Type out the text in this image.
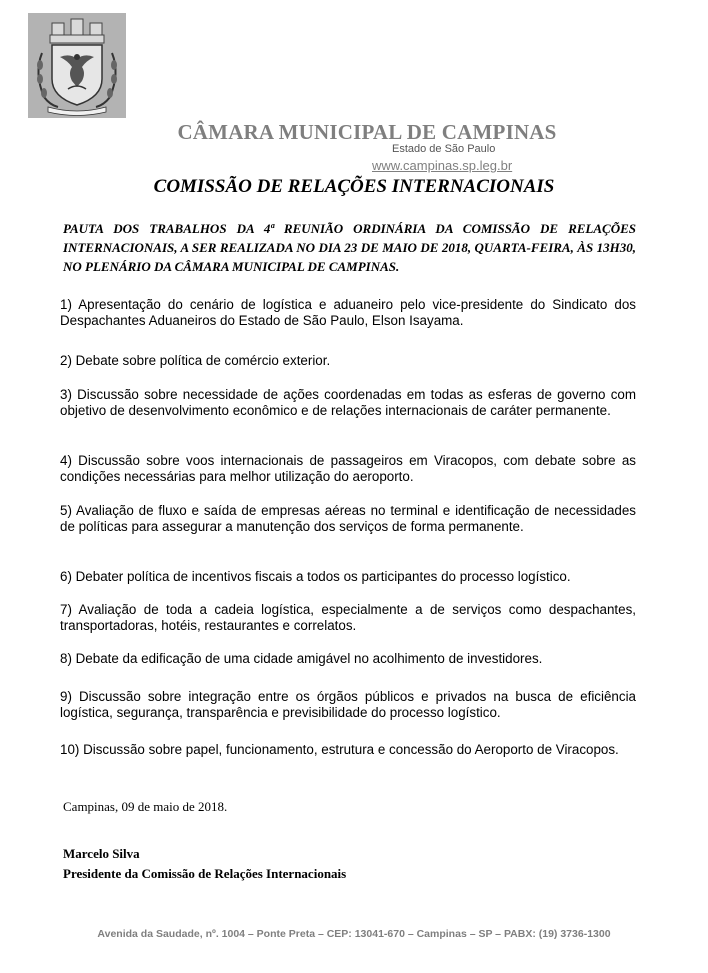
CÂMARA MUNICIPAL DE CAMPINAS
Estado de São Paulo
www.campinas.sp.leg.br
COMISSÃO DE RELAÇÕES INTERNACIONAIS
PAUTA DOS TRABALHOS DA 4ª REUNIÃO ORDINÁRIA DA COMISSÃO DE RELAÇÕES INTERNACIONAIS, A SER REALIZADA NO DIA 23 DE MAIO DE 2018, QUARTA-FEIRA, ÀS 13H30, NO PLENÁRIO DA CÂMARA MUNICIPAL DE CAMPINAS.
1) Apresentação do cenário de logística e aduaneiro pelo vice-presidente do Sindicato dos Despachantes Aduaneiros do Estado de São Paulo, Elson Isayama.
2) Debate sobre política de comércio exterior.
3) Discussão sobre necessidade de ações coordenadas em todas as esferas de governo com objetivo de desenvolvimento econômico e de relações internacionais de caráter permanente.
4) Discussão sobre voos internacionais de passageiros em Viracopos, com debate sobre as condições necessárias para melhor utilização do aeroporto.
5) Avaliação de fluxo e saída de empresas aéreas no terminal e identificação de necessidades de políticas para assegurar a manutenção dos serviços de forma permanente.
6) Debater política de incentivos fiscais a todos os participantes do processo logístico.
7) Avaliação de toda a cadeia logística, especialmente a de serviços como despachantes, transportadoras, hotéis, restaurantes e correlatos.
8) Debate da edificação de uma cidade amigável no acolhimento de investidores.
9) Discussão sobre integração entre os órgãos públicos e privados na busca de eficiência logística, segurança, transparência e previsibilidade do processo logístico.
10) Discussão sobre papel, funcionamento, estrutura e concessão do Aeroporto de Viracopos.
Campinas, 09 de maio de 2018.
Marcelo Silva
Presidente da Comissão de Relações Internacionais
Avenida da Saudade, nº. 1004 – Ponte Preta – CEP: 13041-670 – Campinas – SP – PABX: (19) 3736-1300
